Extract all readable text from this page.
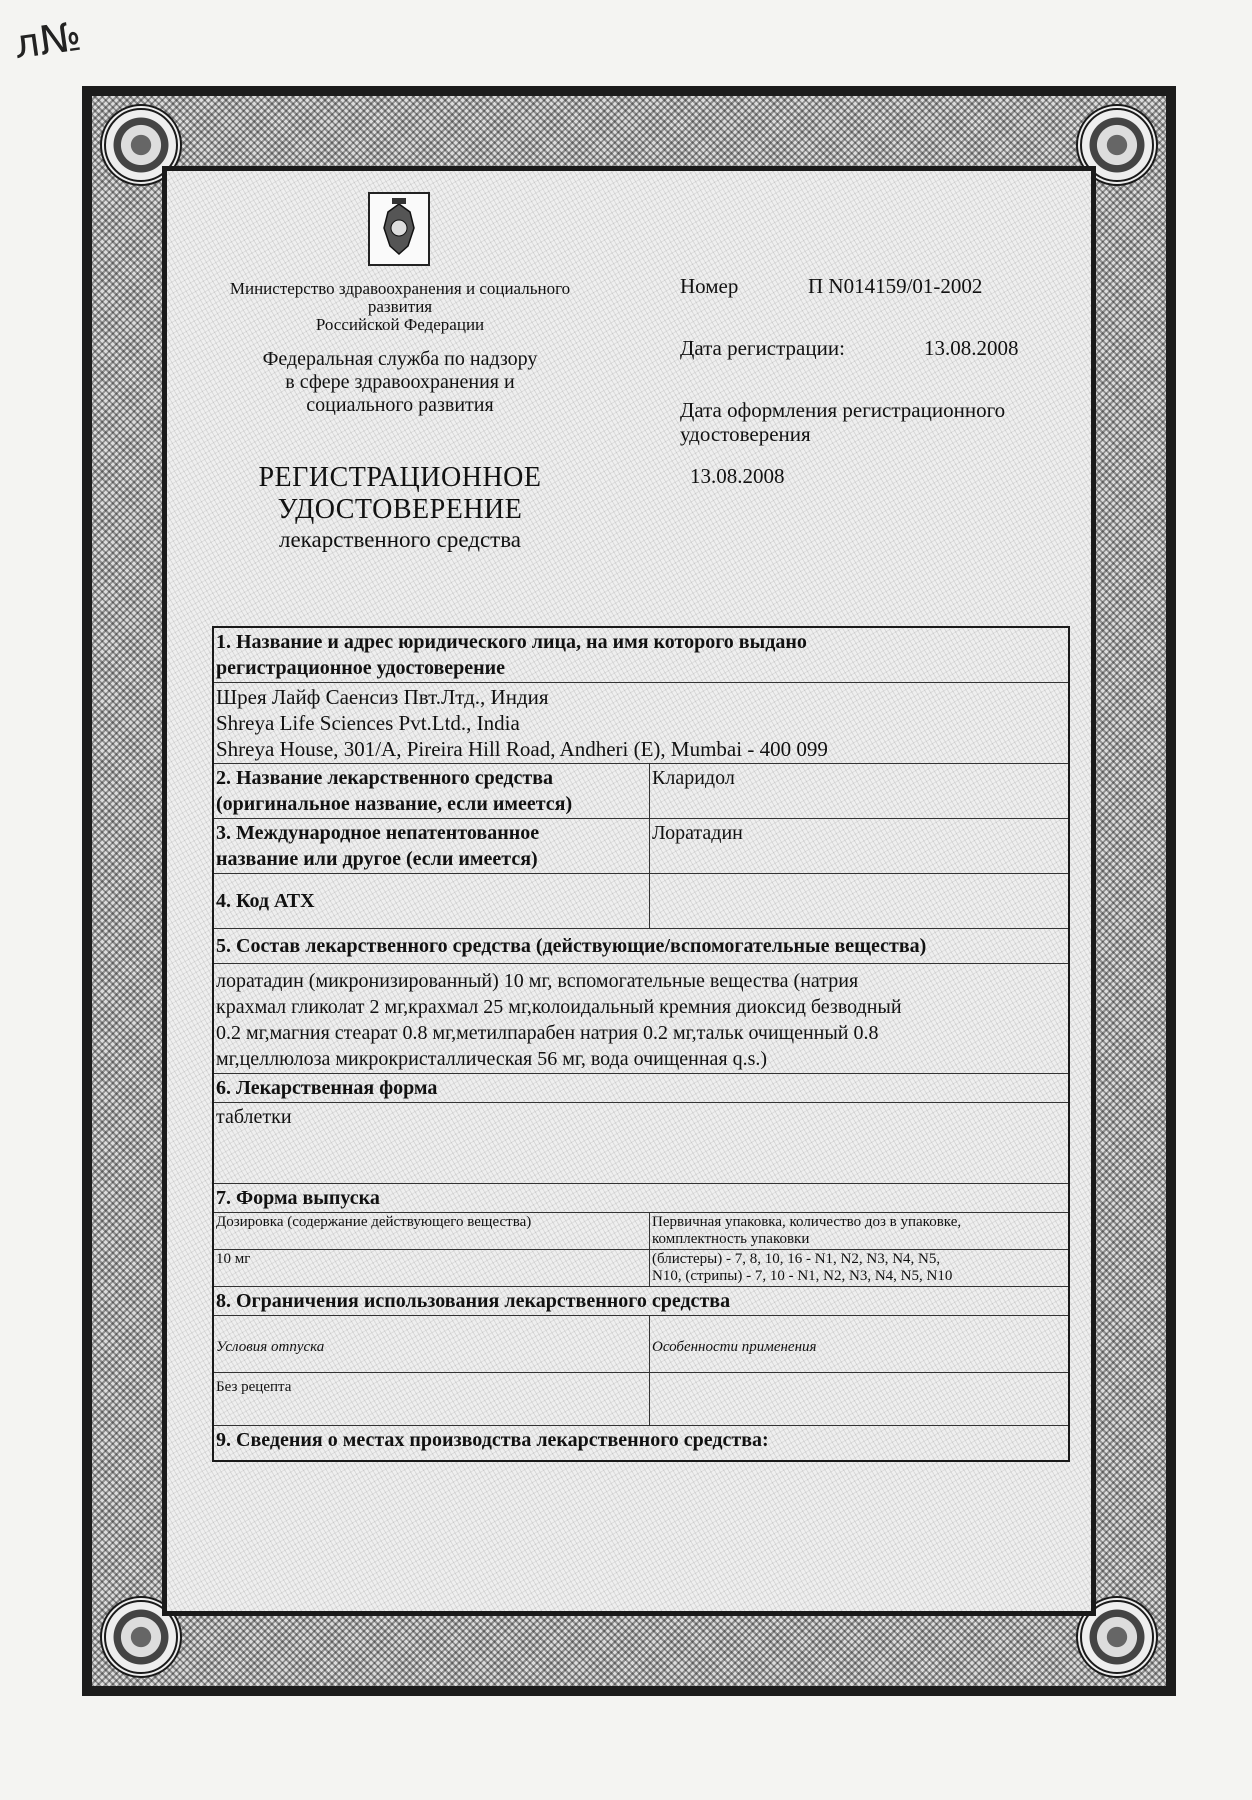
л№
Министерство здравоохранения и социального
развития
Российской Федерации
Федеральная служба по надзору
в сфере здравоохранения и
социального развития
РЕГИСТРАЦИОННОЕ
УДОСТОВЕРЕНИЕ
лекарственного средства
Номер	П N014159/01-2002
Дата регистрации:	13.08.2008
Дата оформления регистрационного
удостоверения
13.08.2008
1. Название и адрес юридического лица, на имя которого выдано
регистрационное удостоверение
Шрея Лайф Саенсиз Пвт.Лтд., Индия
Shreya Life Sciences Pvt.Ltd., India
Shreya House, 301/A, Pireira Hill Road, Andheri (E), Mumbai - 400 099
2. Название лекарственного средства
(оригинальное название, если имеется)
Кларидол
3. Международное непатентованное
название или другое (если имеется)
Лоратадин
4. Код АТХ
5. Состав лекарственного средства (действующие/вспомогательные вещества)
лоратадин (микронизированный) 10 мг, вспомогательные вещества (натрия
крахмал гликолат 2 мг,крахмал 25 мг,колоидальный кремния диоксид безводный
0.2 мг,магния стеарат 0.8 мг,метилпарабен натрия 0.2 мг,тальк очищенный 0.8
мг,целлюлоза микрокристаллическая 56 мг, вода очищенная q.s.)
6. Лекарственная форма
таблетки
7. Форма выпуска
Дозировка (содержание действующего вещества)	Первичная упаковка, количество доз в упаковке,
комплектность упаковки
10 мг	(блистеры) - 7, 8, 10, 16 - N1, N2, N3, N4, N5,
N10, (стрипы) - 7, 10 - N1, N2, N3, N4, N5, N10
8. Ограничения использования лекарственного средства
Условия отпуска	Особенности применения
Без рецепта
9. Сведения о местах производства лекарственного средства:
